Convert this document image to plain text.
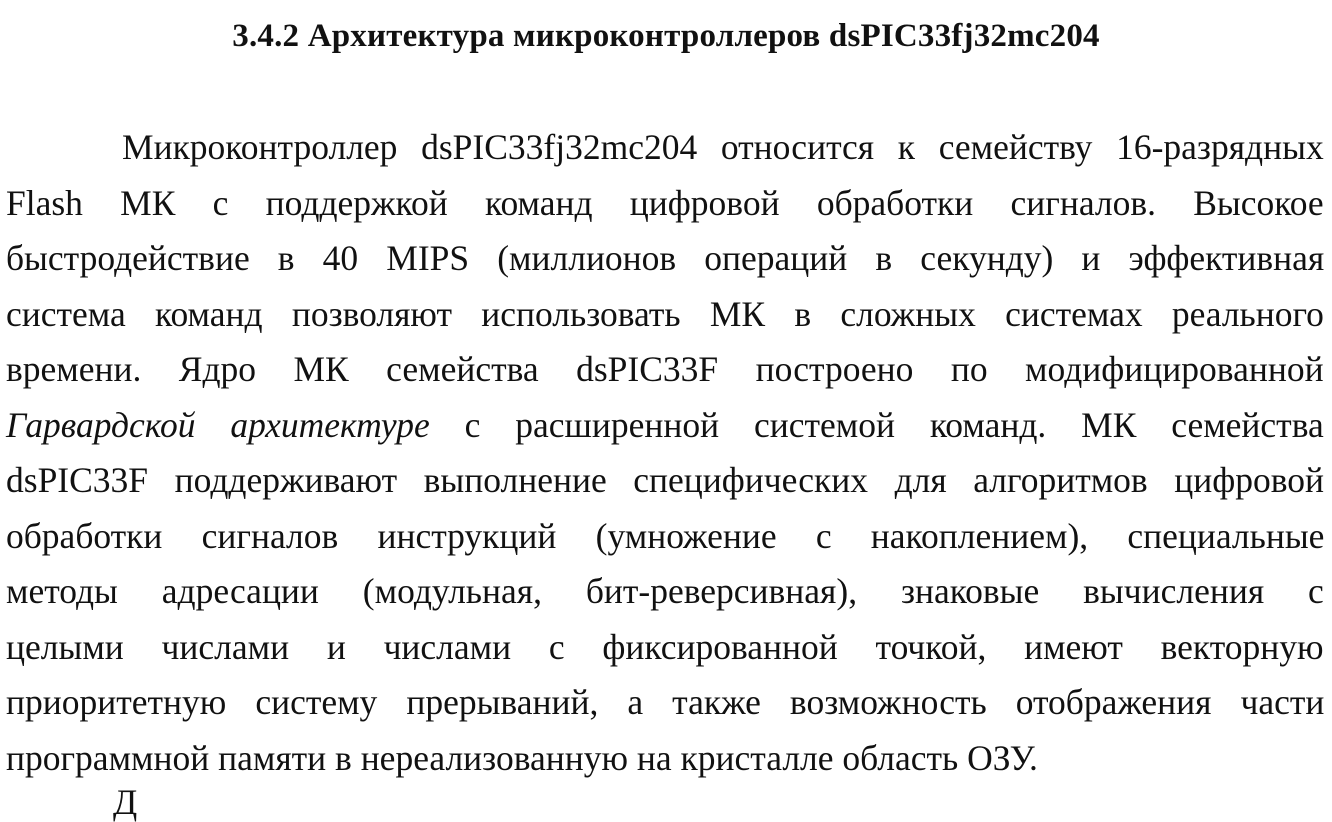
3.4.2 Архитектура микроконтроллеров dsPIC33fj32mc204
Микроконтроллер dsPIC33fj32mc204 относится к семейству 16-разрядных
Flash МК с поддержкой команд цифровой обработки сигналов. Высокое
быстродействие в 40 MIPS (миллионов операций в секунду) и эффективная
система команд позволяют использовать МК в сложных системах реального
времени. Ядро МК семейства dsPIC33F построено по модифицированной
Гарвардской архитектуре с расширенной системой команд. МК семейства
dsPIC33F поддерживают выполнение специфических для алгоритмов цифровой
обработки сигналов инструкций (умножение с накоплением), специальные
методы адресации (модульная, бит-реверсивная), знаковые вычисления с
целыми числами и числами с фиксированной точкой, имеют векторную
приоритетную систему прерываний, а также возможность отображения части
программной памяти в нереализованную на кристалле область ОЗУ.
Д
